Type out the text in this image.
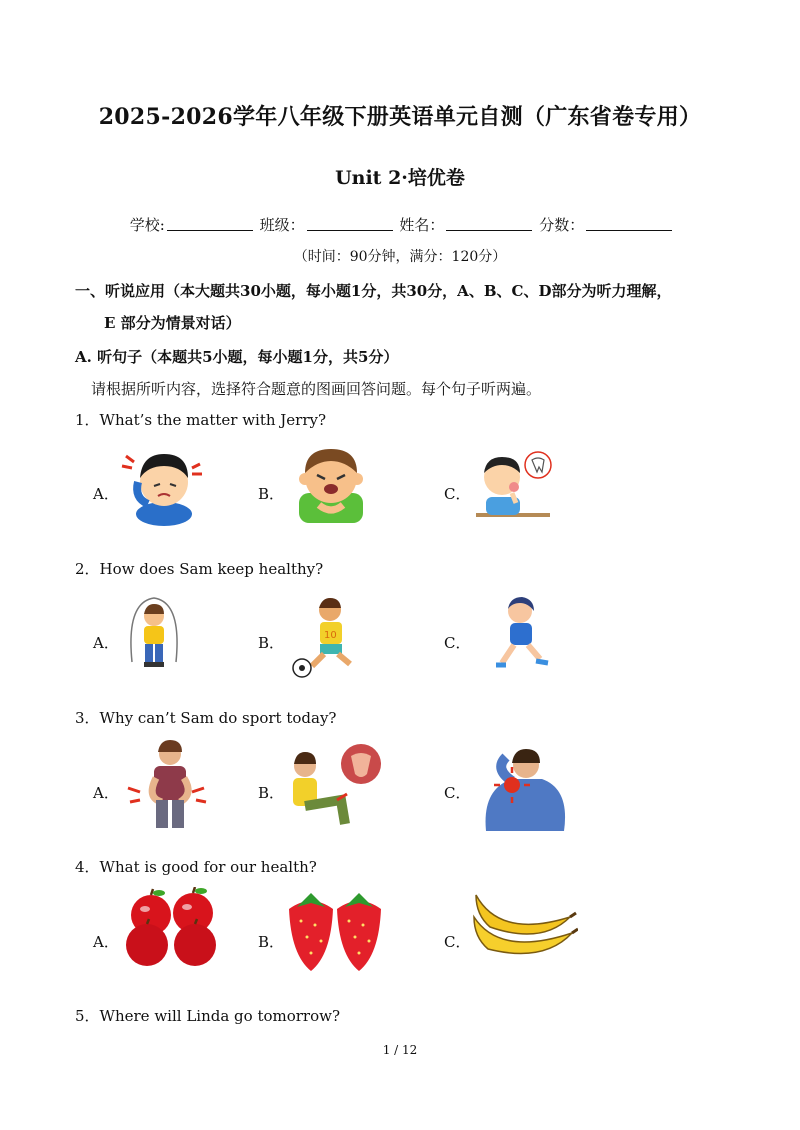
2025-2026学年八年级下册英语单元自测（广东省卷专用）
Unit 2·培优卷
学校:	班级：	姓名：	分数：
（时间：90分钟，满分：120分）
一、听说应用（本大题共30小题，每小题1分，共30分，A、B、C、D部分为听力理解，
E 部分为情景对话）
A. 听句子（本题共5小题，每小题1分，共5分）
请根据所听内容，选择符合题意的图画回答问题。每个句子听两遍。
1．What’s the matter with Jerry?
A．	B．	C．
2．How does Sam keep healthy?
A．	B．	C．
10
3．Why can’t Sam do sport today?
A．	B．	C．
4．What is good for our health?
A．	B．	C．
5．Where will Linda go tomorrow?
1 / 12
